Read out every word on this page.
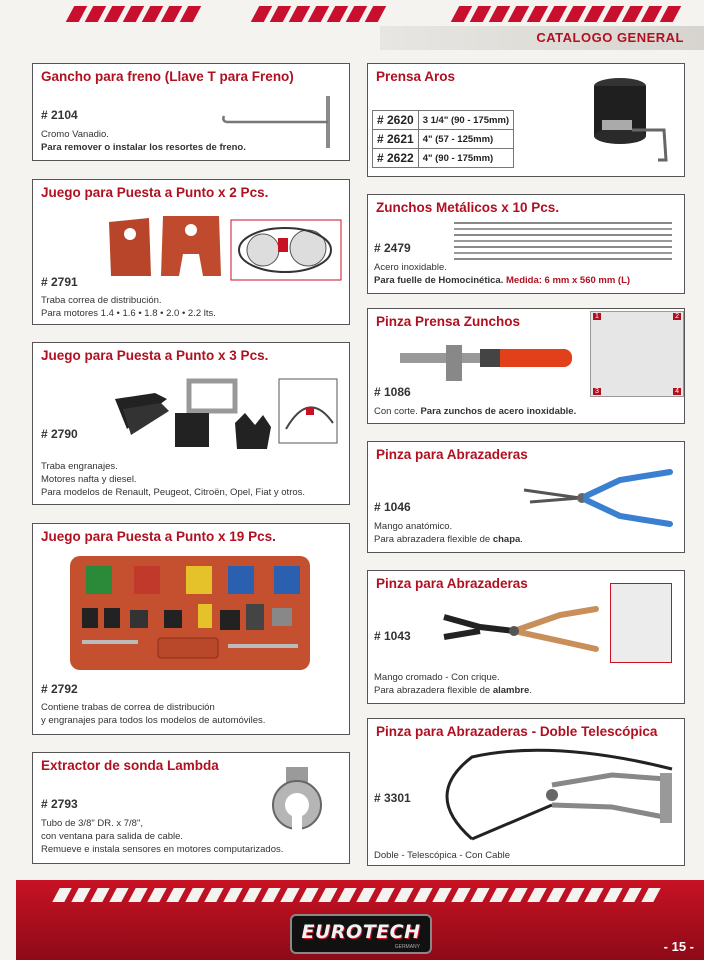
CATALOGO GENERAL
Gancho para freno (Llave T para Freno)
# 2104
Cromo Vanadio.
Para remover o instalar los resortes de freno.
Juego para Puesta a Punto x 2 Pcs.
# 2791
Traba correa de distribución.
Para motores 1.4 • 1.6 • 1.8 • 2.0 • 2.2 lts.
Juego para Puesta a Punto x 3 Pcs.
# 2790
Traba engranajes.
Motores nafta y diesel.
Para modelos de Renault, Peugeot, Citroën, Opel, Fiat y otros.
Juego para Puesta a Punto x 19 Pcs.
# 2792
Contiene trabas de correa de distribución
y engranajes para todos los modelos de automóviles.
Extractor de sonda Lambda
# 2793
Tubo de 3/8" DR. x 7/8",
con ventana para salida de cable.
Remueve e instala sensores en motores computarizados.
Prensa Aros
# 2620	3 1/4" (90 - 175mm)
# 2621	4" (57 - 125mm)
# 2622	4" (90 - 175mm)
Zunchos Metálicos x 10 Pcs.
# 2479
Acero inoxidable.
Para fuelle de Homocinética. Medida: 6 mm x 560 mm (L)
Pinza Prensa Zunchos
# 1086
Con corte. Para zunchos de acero inoxidable.
1	2
3	4
Pinza para Abrazaderas
# 1046
Mango anatómico.
Para abrazadera flexible de chapa.
Pinza para Abrazaderas
# 1043
Mango cromado - Con crique.
Para abrazadera flexible de alambre.
Pinza para Abrazaderas - Doble Telescópica
# 3301
Doble - Telescópica - Con Cable
EUROTECH
GERMANY	- 15 -
